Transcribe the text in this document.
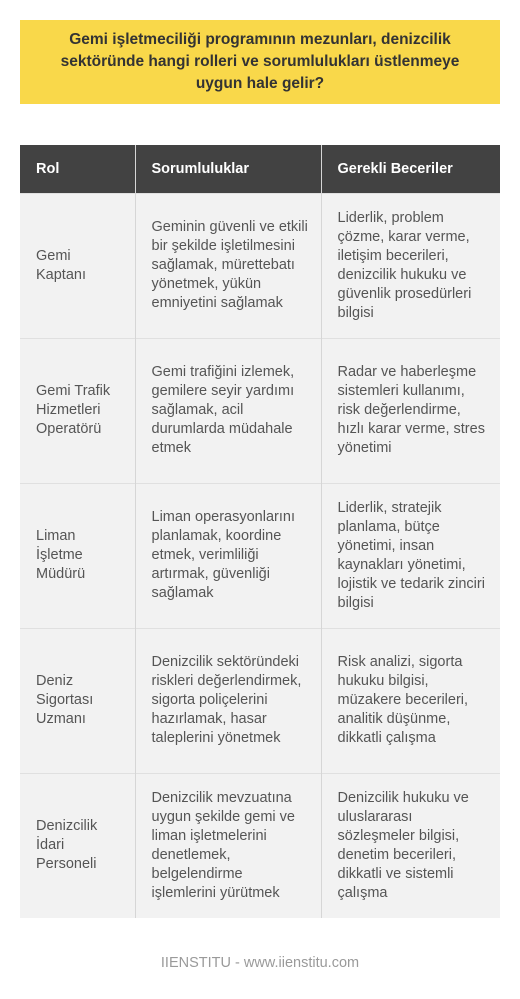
Gemi işletmeciliği programının mezunları, denizcilik sektöründe hangi rolleri ve sorumlulukları üstlenmeye uygun hale gelir?
Rol	Sorumluluklar	Gerekli Beceriler
Gemi Kaptanı	Geminin güvenli ve etkili bir şekilde işletilmesini sağlamak, mürettebatı yönetmek, yükün emniyetini sağlamak	Liderlik, problem çözme, karar verme, iletişim becerileri, denizcilik hukuku ve güvenlik prosedürleri bilgisi
Gemi Trafik Hizmetleri Operatörü	Gemi trafiğini izlemek, gemilere seyir yardımı sağlamak, acil durumlarda müdahale etmek	Radar ve haberleşme sistemleri kullanımı, risk değerlendirme, hızlı karar verme, stres yönetimi
Liman İşletme Müdürü	Liman operasyonlarını planlamak, koordine etmek, verimliliği artırmak, güvenliği sağlamak	Liderlik, stratejik planlama, bütçe yönetimi, insan kaynakları yönetimi, lojistik ve tedarik zinciri bilgisi
Deniz Sigortası Uzmanı	Denizcilik sektöründeki riskleri değerlendirmek, sigorta poliçelerini hazırlamak, hasar taleplerini yönetmek	Risk analizi, sigorta hukuku bilgisi, müzakere becerileri, analitik düşünme, dikkatli çalışma
Denizcilik İdari Personeli	Denizcilik mevzuatına uygun şekilde gemi ve liman işletmelerini denetlemek, belgelendirme işlemlerini yürütmek	Denizcilik hukuku ve uluslararası sözleşmeler bilgisi, denetim becerileri, dikkatli ve sistemli çalışma
IIENSTITU - www.iienstitu.com
